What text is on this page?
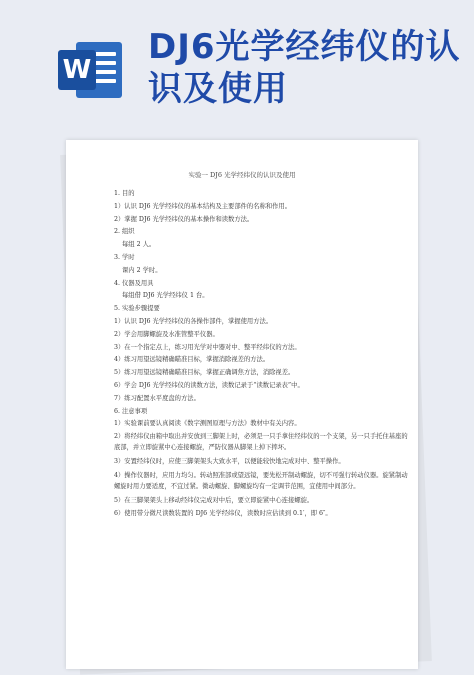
W
DJ6光学经纬仪的认识及使用
实验一 DJ6 光学经纬仪的认识及使用
1. 目的
1）认识 DJ6 光学经纬仪的基本结构及主要部件的名称和作用。
2）掌握 DJ6 光学经纬仪的基本操作和读数方法。
2. 组织
每组 2 人。
3. 学时
课内 2 学时。
4. 仪器及用具
每组借 DJ6 光学经纬仪 1 台。
5. 实验步骤提要
1）认识 DJ6 光学经纬仪的各操作部件，掌握使用方法。
2）学会用脚螺旋及水准管整平仪器。
3）在一个指定点上，练习用光学对中器对中、整平经纬仪的方法。
4）练习用望远镜精确瞄准目标，掌握消除视差的方法。
5）练习用望远镜精确瞄准目标，掌握正确调焦方法，消除视差。
6）学会 DJ6 光学经纬仪的读数方法，读数记录于“读数记录表”中。
7）练习配置水平度盘的方法。
6. 注意事项
1）实验课前要认真阅读《数字测图原理与方法》教材中有关内容。
2）将经纬仪由箱中取出并安放到三脚架上时，必须是一只手拿住经纬仪的一个支架，另一只手托住基座的底部，并立即旋紧中心连接螺旋，严防仪器从脚架上掉下摔坏。
3）安置经纬仪时，应使三脚架架头大致水平，以便能较快地完成对中、整平操作。
4）操作仪器时，应用力均匀。转动照准部或望远镜，要先松开制动螺旋，切不可强行转动仪器。旋紧制动螺旋时用力要适度，不宜过紧。微动螺旋、脚螺旋均有一定调节范围，宜使用中间部分。
5）在三脚架架头上移动经纬仪完成对中后，要立即旋紧中心连接螺旋。
6）使用带分微尺读数装置的 DJ6 光学经纬仪，读数时应估读到 0.1′，即 6″。
